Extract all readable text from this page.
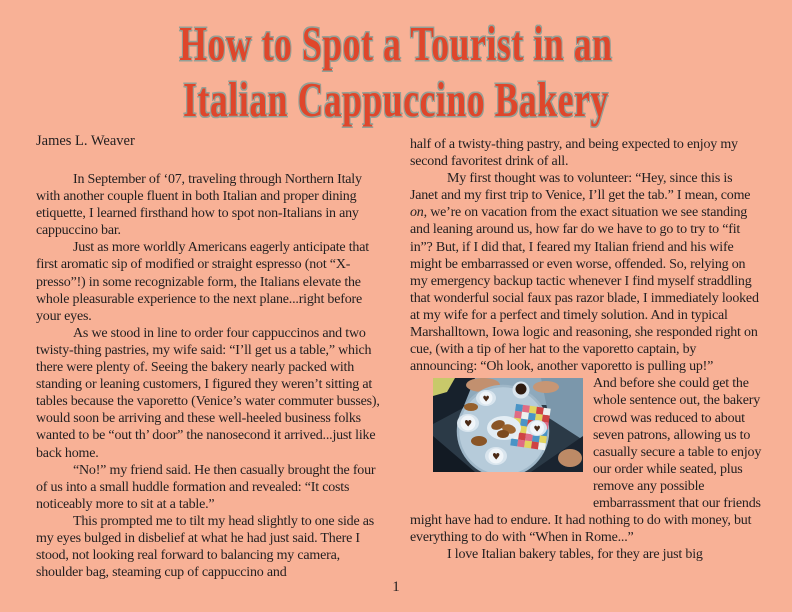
How to Spot a Tourist in an
Italian Cappuccino Bakery
James L. Weaver

In September of ‘07, traveling through Northern Italy with another couple fluent in both Italian and proper dining etiquette, I learned firsthand how to spot non-Italians in any cappuccino bar.

Just as more worldly Americans eagerly anticipate that first aromatic sip of modified or straight espresso (not “X-presso”!) in some recognizable form, the Italians elevate the whole pleasurable experience to the next plane...right before your eyes.

As we stood in line to order four cappuccinos and two twisty-thing pastries, my wife said: “I’ll get us a table,” which there were plenty of. Seeing the bakery nearly packed with standing or leaning customers, I figured they weren’t sitting at tables because the vaporetto (Venice’s water commuter busses), would soon be arriving and these well-heeled business folks wanted to be “out th’ door” the nanosecond it arrived...just like back home.

“No!” my friend said. He then casually brought the four of us into a small huddle formation and revealed: “It costs noticeably more to sit at a table.”

This prompted me to tilt my head slightly to one side as my eyes bulged in disbelief at what he had just said. There I stood, not looking real forward to balancing my camera, shoulder bag, steaming cup of cappuccino and

half of a twisty-thing pastry, and being expected to enjoy my second favoritest drink of all.

My first thought was to volunteer: “Hey, since this is Janet and my first trip to Venice, I’ll get the tab.” I mean, come on, we’re on vacation from the exact situation we see standing and leaning around us, how far do we have to go to try to “fit in”? But, if I did that, I feared my Italian friend and his wife might be embarrassed or even worse, offended. So, relying on my emergency backup tactic whenever I find myself straddling that wonderful social faux pas razor blade, I immediately looked at my wife for a perfect and timely solution. And in typical Marshalltown, Iowa logic and reasoning, she responded right on cue, (with a tip of her hat to the vaporetto captain, by announcing: “Oh look, another vaporetto is pulling up!”

♥
♥
♥
♥
And before she could get the whole sentence out, the bakery crowd was reduced to about seven patrons, allowing us to casually secure a table to enjoy our order while seated, plus remove any possible embarrassment that our friends might have had to endure. It had nothing to do with money, but everything to do with “When in Rome...”

I love Italian bakery tables, for they are just big

1
